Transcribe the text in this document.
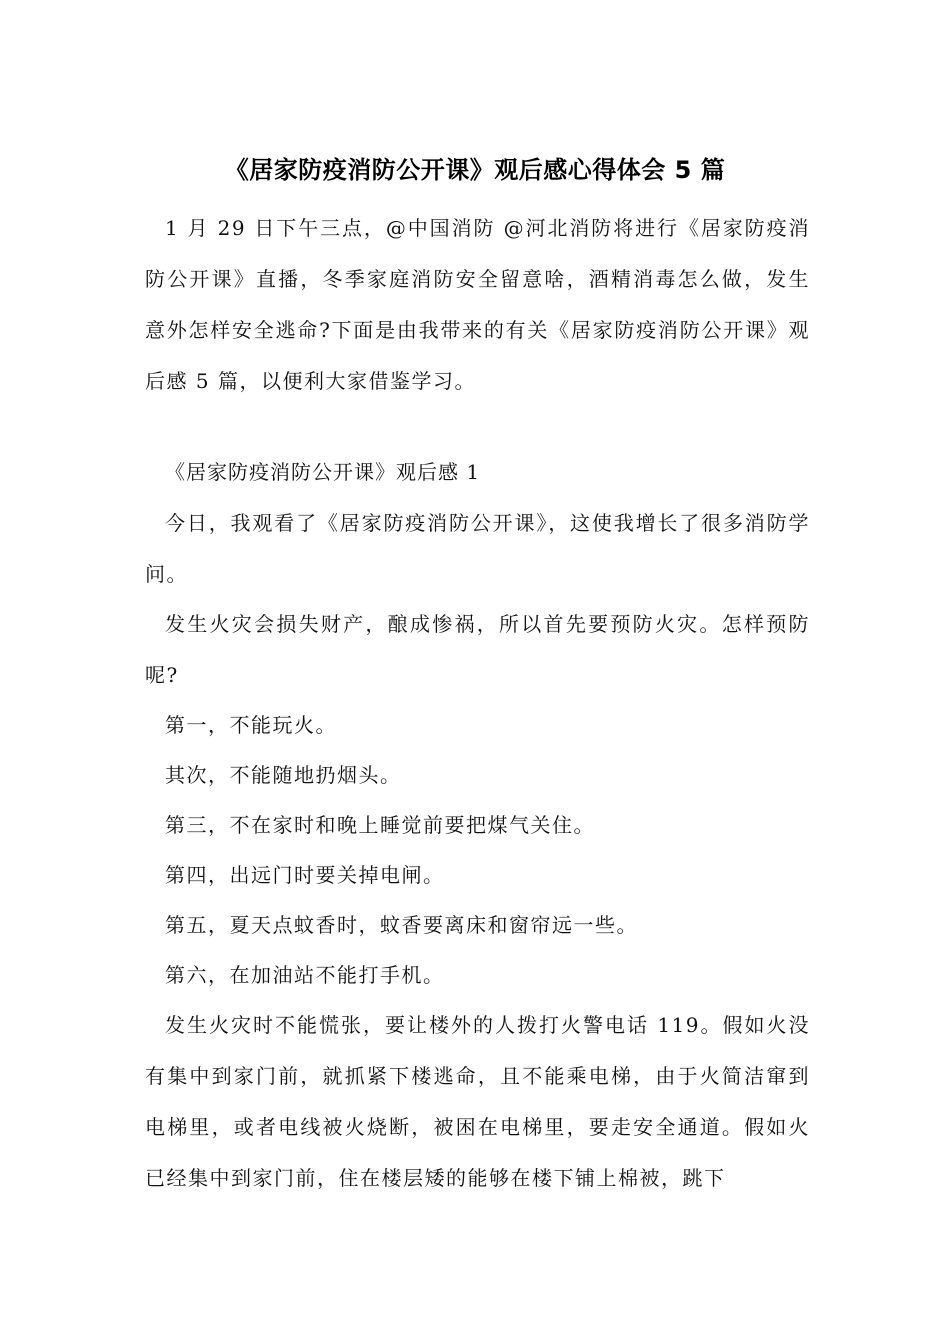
《居家防疫消防公开课》观后感心得体会 5 篇

1 月 29 日下午三点，@中国消防 @河北消防将进行《居家防疫消防公开课》直播，冬季家庭消防安全留意啥，酒精消毒怎么做，发生意外怎样安全逃命?下面是由我带来的有关《居家防疫消防公开课》观后感 5 篇，以便利大家借鉴学习。

《居家防疫消防公开课》观后感 1

今日，我观看了《居家防疫消防公开课》，这使我增长了很多消防学问。

发生火灾会损失财产，酿成惨祸，所以首先要预防火灾。怎样预防呢?

第一，不能玩火。

其次，不能随地扔烟头。

第三，不在家时和晚上睡觉前要把煤气关住。

第四，出远门时要关掉电闸。

第五，夏天点蚊香时，蚊香要离床和窗帘远一些。

第六，在加油站不能打手机。

发生火灾时不能慌张，要让楼外的人拨打火警电话 119。假如火没有集中到家门前，就抓紧下楼逃命，且不能乘电梯，由于火简洁窜到电梯里，或者电线被火烧断，被困在电梯里，要走安全通道。假如火已经集中到家门前，住在楼层矮的能够在楼下铺上棉被，跳下
